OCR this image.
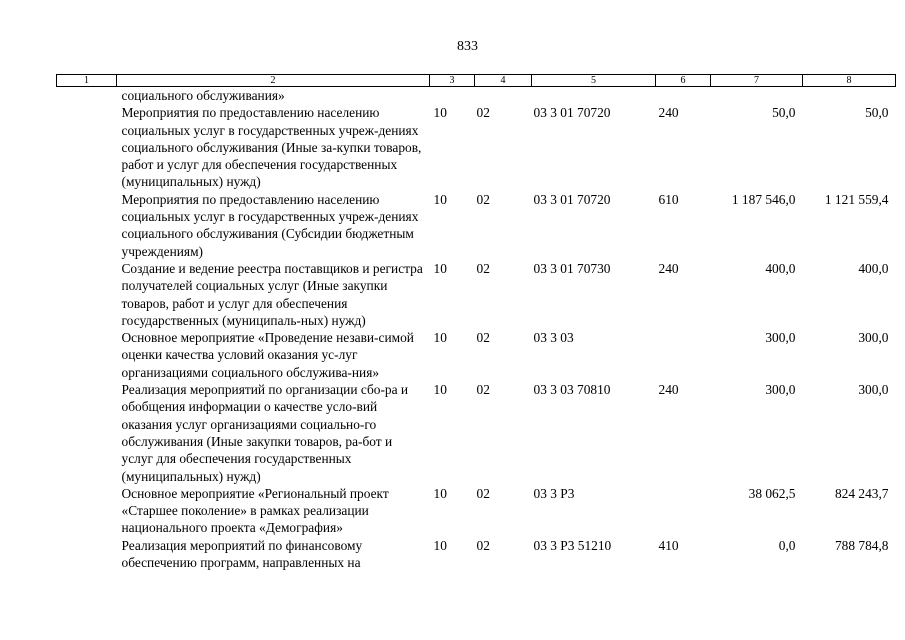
833
1	2	3	4	5	6	7	8
	социального обслуживания»						
	Мероприятия по предоставлению населению социальных услуг в государственных учреж-дениях социального обслуживания (Иные за-купки товаров, работ и услуг для обеспечения государственных (муниципальных) нужд)	10	02	03 3 01 70720	240	50,0	50,0
	Мероприятия по предоставлению населению социальных услуг в государственных учреж-дениях социального обслуживания (Субсидии бюджетным учреждениям)	10	02	03 3 01 70720	610	1 187 546,0	1 121 559,4
	Создание и ведение реестра поставщиков и регистра получателей социальных услуг (Иные закупки товаров, работ и услуг для обеспечения государственных (муниципаль-ных) нужд)	10	02	03 3 01 70730	240	400,0	400,0
	Основное мероприятие «Проведение незави-симой оценки качества условий оказания ус-луг организациями социального обслужива-ния»	10	02	03 3 03		300,0	300,0
	Реализация мероприятий по организации сбо-ра и обобщения информации о качестве усло-вий оказания услуг организациями социально-го обслуживания (Иные закупки товаров, ра-бот и услуг для обеспечения государственных (муниципальных) нужд)	10	02	03 3 03 70810	240	300,0	300,0
	Основное мероприятие «Региональный проект «Старшее поколение» в рамках реализации национального проекта «Демография»	10	02	03 3 Р3		38 062,5	824 243,7
	Реализация мероприятий по финансовому обеспечению программ, направленных на	10	02	03 3 Р3 51210	410	0,0	788 784,8
